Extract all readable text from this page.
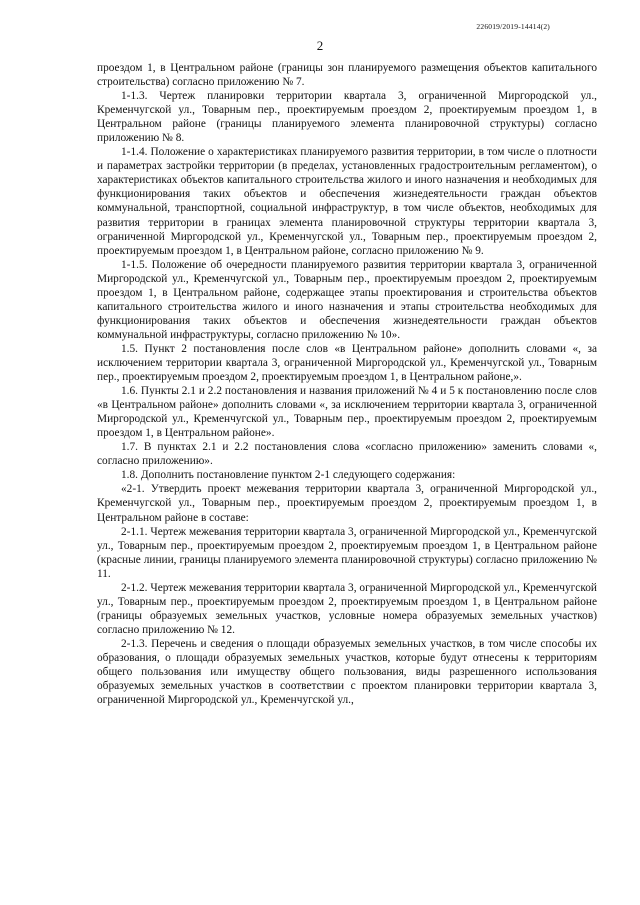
226019/2019-14414(2)
2

проездом 1, в Центральном районе (границы зон планируемого размещения объектов капитального строительства) согласно приложению № 7.

1-1.3. Чертеж планировки территории квартала 3, ограниченной Миргородской ул., Кременчугской ул., Товарным пер., проектируемым проездом 2, проектируемым проездом 1, в Центральном районе (границы планируемого элемента планировочной структуры) согласно приложению № 8.

1-1.4. Положение о характеристиках планируемого развития территории, в том числе о плотности и параметрах застройки территории (в пределах, установленных градостроительным регламентом), о характеристиках объектов капитального строительства жилого и иного назначения и необходимых для функционирования таких объектов и обеспечения жизнедеятельности граждан объектов коммунальной, транспортной, социальной инфраструктур, в том числе объектов, необходимых для развития территории в границах элемента планировочной структуры территории квартала 3, ограниченной Миргородской ул., Кременчугской ул., Товарным пер., проектируемым проездом 2, проектируемым проездом 1, в Центральном районе, согласно приложению № 9.

1-1.5. Положение об очередности планируемого развития территории квартала 3, ограниченной Миргородской ул., Кременчугской ул., Товарным пер., проектируемым проездом 2, проектируемым проездом 1, в Центральном районе, содержащее этапы проектирования и строительства объектов капитального строительства жилого и иного назначения и этапы строительства необходимых для функционирования таких объектов и обеспечения жизнедеятельности граждан объектов коммунальной инфраструктуры, согласно приложению № 10».

1.5. Пункт 2 постановления после слов «в Центральном районе» дополнить словами «, за исключением территории квартала 3, ограниченной Миргородской ул., Кременчугской ул., Товарным пер., проектируемым проездом 2, проектируемым проездом 1, в Центральном районе,».

1.6. Пункты 2.1 и 2.2 постановления и названия приложений № 4 и 5 к постановлению после слов «в Центральном районе» дополнить словами «, за исключением территории квартала 3, ограниченной Миргородской ул., Кременчугской ул., Товарным пер., проектируемым проездом 2, проектируемым проездом 1, в Центральном районе».

1.7. В пунктах 2.1 и 2.2 постановления слова «согласно приложению» заменить словами «, согласно приложению».

1.8. Дополнить постановление пунктом 2-1 следующего содержания:

«2-1. Утвердить проект межевания территории квартала 3, ограниченной Миргородской ул., Кременчугской ул., Товарным пер., проектируемым проездом 2, проектируемым проездом 1, в Центральном районе в составе:

2-1.1. Чертеж межевания территории квартала 3, ограниченной Миргородской ул., Кременчугской ул., Товарным пер., проектируемым проездом 2, проектируемым проездом 1, в Центральном районе (красные линии, границы планируемого элемента планировочной структуры) согласно приложению № 11.

2-1.2. Чертеж межевания территории квартала 3, ограниченной Миргородской ул., Кременчугской ул., Товарным пер., проектируемым проездом 2, проектируемым проездом 1, в Центральном районе (границы образуемых земельных участков, условные номера образуемых земельных участков) согласно приложению № 12.

2-1.3. Перечень и сведения о площади образуемых земельных участков, в том числе способы их образования, о площади образуемых земельных участков, которые будут отнесены к территориям общего пользования или имуществу общего пользования, виды разрешенного использования образуемых земельных участков в соответствии с проектом планировки территории квартала 3, ограниченной Миргородской ул., Кременчугской ул.,
